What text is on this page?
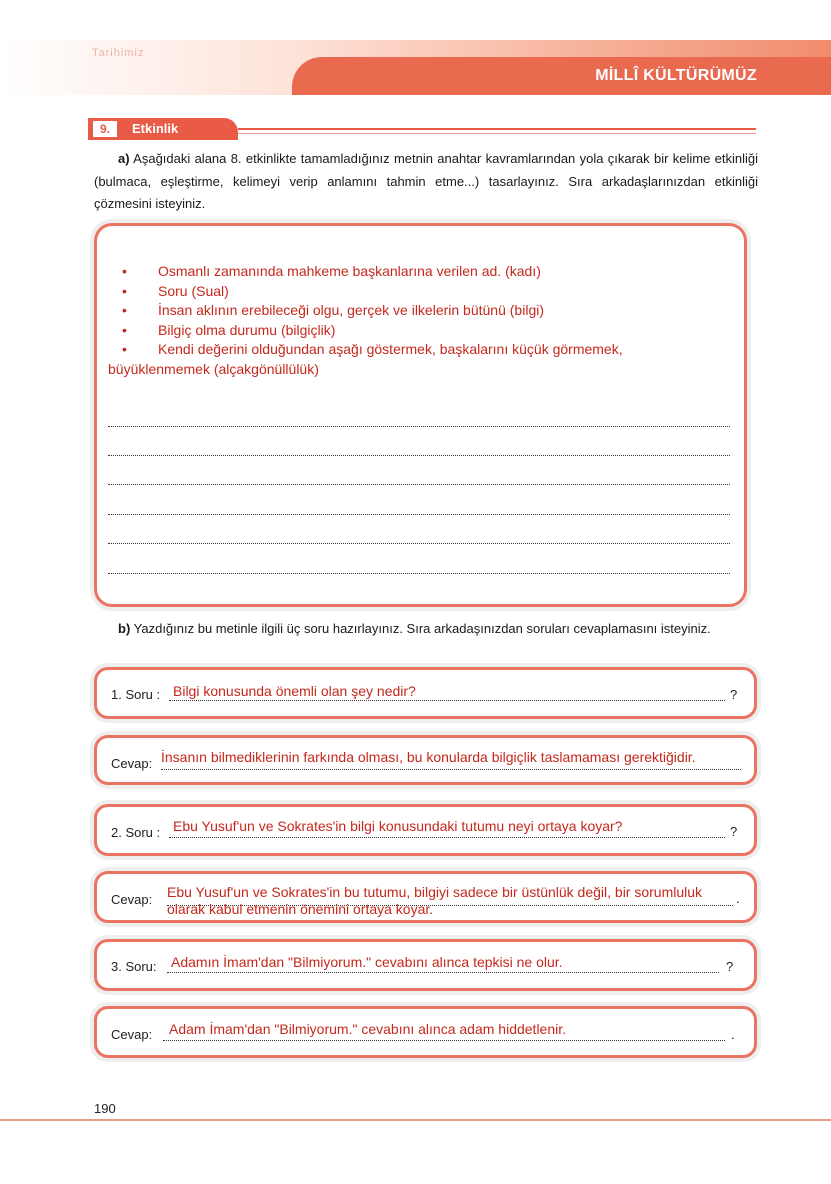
Tarihimiz
MİLLÎ KÜLTÜRÜMÜZ
9.	Etkinlik
a) Aşağıdaki alana 8. etkinlikte tamamladığınız metnin anahtar kavramlarından yola çıkarak bir kelime etkinliği (bulmaca, eşleştirme, kelimeyi verip anlamını tahmin etme...) tasarlayınız. Sıra arkadaşlarınızdan etkinliği çözmesini isteyiniz.
• Osmanlı zamanında mahkeme başkanlarına verilen ad. (kadı)
• Soru (Sual)
• İnsan aklının erebileceği olgu, gerçek ve ilkelerin bütünü (bilgi)
• Bilgiç olma durumu (bilgiçlik)
• Kendi değerini olduğundan aşağı göstermek, başkalarını küçük görmemek,
büyüklenmemek (alçakgönüllülük)
b) Yazdığınız bu metinle ilgili üç soru hazırlayınız. Sıra arkadaşınızdan soruları cevaplamasını isteyiniz.
1. Soru : Bilgi konusunda önemli olan şey nedir?	?
Cevap: İnsanın bilmediklerinin farkında olması, bu konularda bilgiçlik taslamaması gerektiğidir.
2. Soru : Ebu Yusuf'un ve Sokrates'in bilgi konusundaki tutumu neyi ortaya koyar?	?
Cevap: Ebu Yusuf'un ve Sokrates'in bu tutumu, bilgiyi sadece bir üstünlük değil, bir sorumluluk
olarak kabul etmenin önemini ortaya koyar.
.
3. Soru: Adamın İmam'dan "Bilmiyorum." cevabını alınca tepkisi ne olur.	?
Cevap: Adam İmam'dan "Bilmiyorum." cevabını alınca adam hiddetlenir.	.
190
